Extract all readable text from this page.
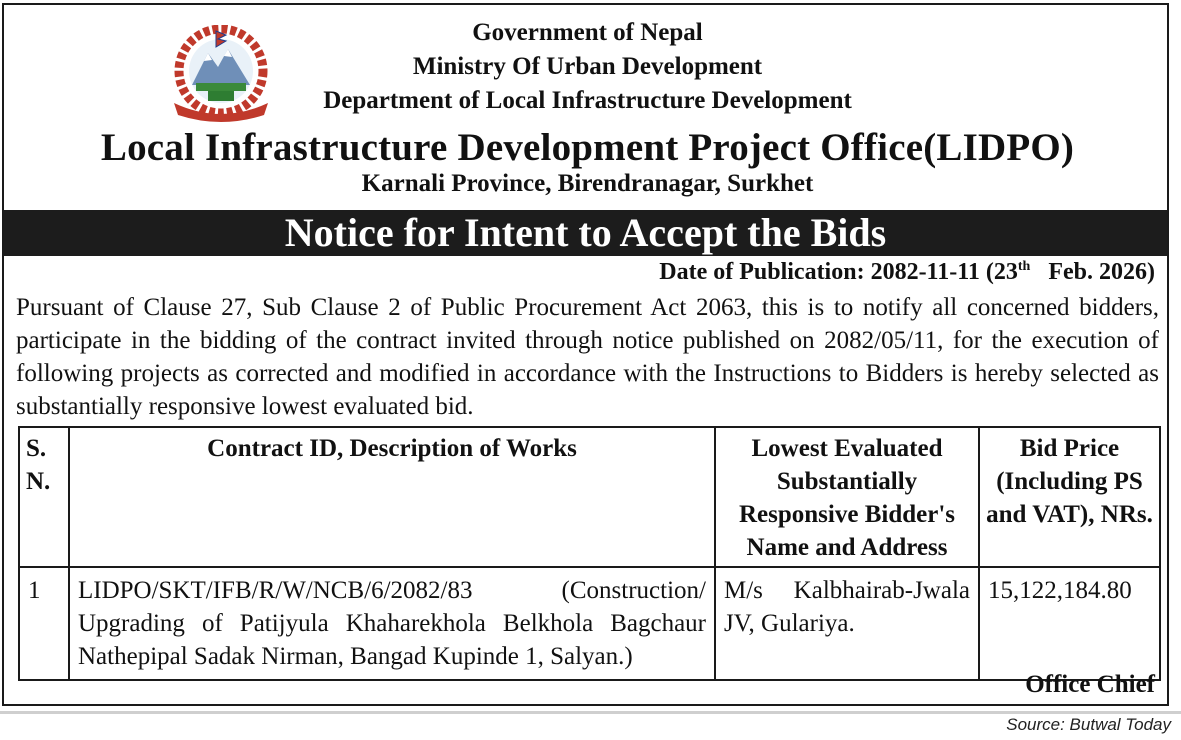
Government of Nepal
Ministry Of Urban Development
Department of Local Infrastructure Development
Local Infrastructure Development Project Office(LIDPO)
Karnali Province, Birendranagar, Surkhet
Notice for Intent to Accept the Bids
Date of Publication: 2082-11-11 (23th Feb. 2026)
Pursuant of Clause 27, Sub Clause 2 of Public Procurement Act 2063, this is to notify all concerned bidders, participate in the bidding of the contract invited through notice published on 2082/05/11, for the execution of following projects as corrected and modified in accordance with the Instructions to Bidders is hereby selected as substantially responsive lowest evaluated bid.
S. N.	Contract ID, Description of Works	Lowest Evaluated Substantially Responsive Bidder's Name and Address	Bid Price (Including PS and VAT), NRs.
1	LIDPO/SKT/IFB/R/W/NCB/6/2082/83 (Construction/ Upgrading of Patijyula Khaharekhola Belkhola Bagchaur Nathepipal Sadak Nirman, Bangad Kupinde 1, Salyan.)	M/s Kalbhairab-Jwala JV, Gulariya.	15,122,184.80
Office Chief
Source: Butwal Today
